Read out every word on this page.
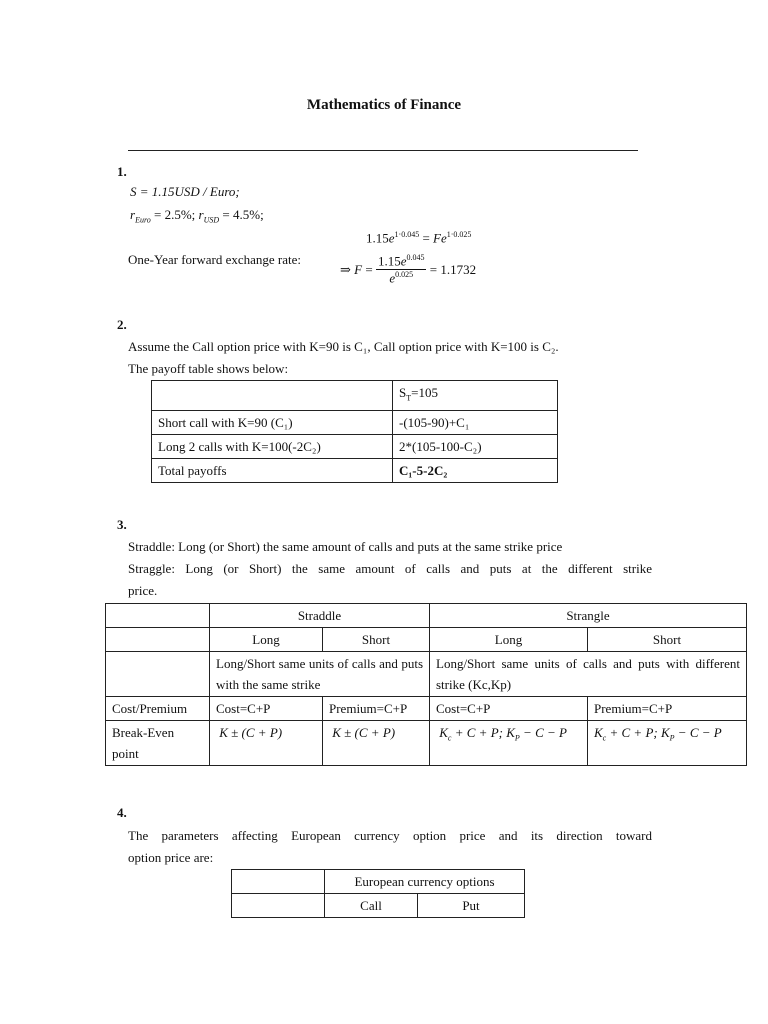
Mathematics of Finance
1.
S = 1.15USD / Euro;
$r_{Euro} = 2.5\%$; $r_{USD} = 4.5\%$;
$1.15e^{1\cdot 0.045} = Fe^{1\cdot 0.025}$
One-Year forward exchange rate:
⇒ $F = \frac{1.15e^{0.045}}{e^{0.025}} = 1.1732$
2.
Assume the Call option price with K=90 is C₁, Call option price with K=100 is C₂.
The payoff table shows below:
	$S_T=105$
Short call with K=90 (C₁)	-(105-90)+C₁
Long 2 calls with K=100(-2C₂)	2*(105-100-C₂)
Total payoffs	C₁-5-2C₂
3.
Straddle: Long (or Short) the same amount of calls and puts at the same strike price
Straggle: Long (or Short) the same amount of calls and puts at the different strike
price.
	Straddle		Strangle	
	Long	Short	Long	Short
	Long/Short same units of calls and puts with the same strike		Long/Short same units of calls and puts with different strike (Kc,Kp)	
Cost/Premium	Cost=C+P	Premium=C+P	Cost=C+P	Premium=C+P
Break-Even point	K ± (C + P)	K ± (C + P)	$K_c + C + P$; $K_P - C - P$	$K_c + C + P$; $K_P - C - P$
4.
The parameters affecting European currency option price and its direction toward
option price are:
	European currency options	
	Call	Put
